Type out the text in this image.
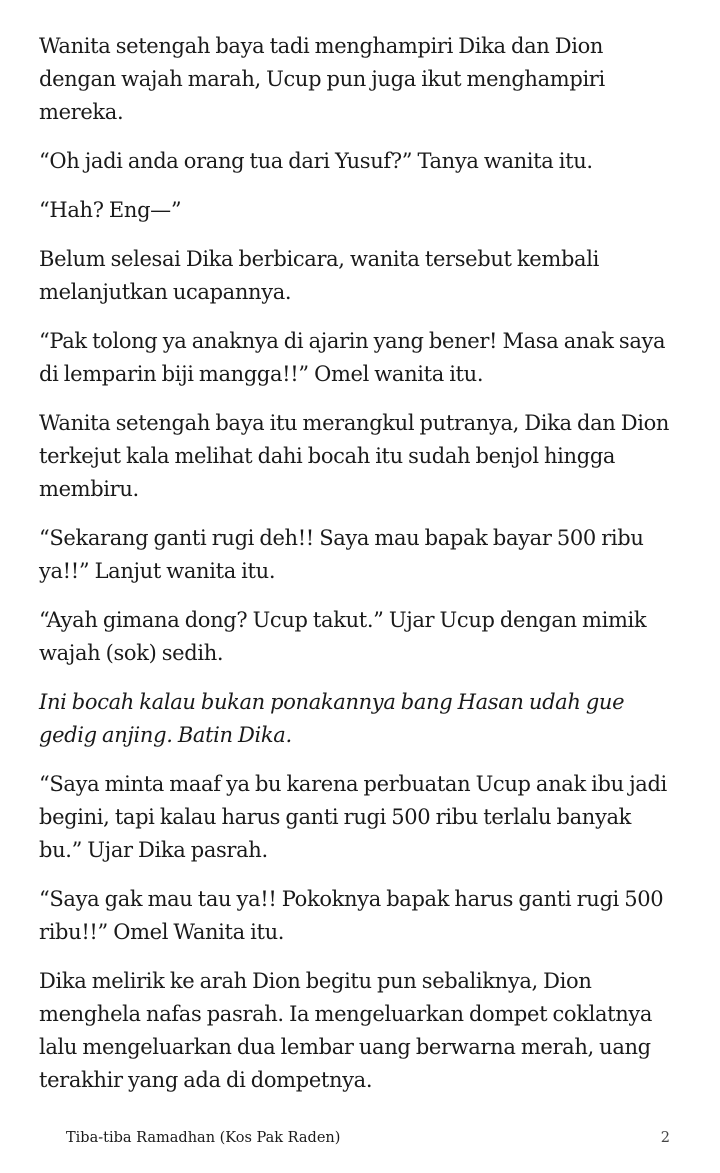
Wanita setengah baya tadi menghampiri Dika dan Dion dengan wajah marah, Ucup pun juga ikut menghampiri mereka.

“Oh jadi anda orang tua dari Yusuf?” Tanya wanita itu.

“Hah? Eng—”

Belum selesai Dika berbicara, wanita tersebut kembali melanjutkan ucapannya.

“Pak tolong ya anaknya di ajarin yang bener! Masa anak saya di lemparin biji mangga!!” Omel wanita itu.

Wanita setengah baya itu merangkul putranya, Dika dan Dion terkejut kala melihat dahi bocah itu sudah benjol hingga membiru.

“Sekarang ganti rugi deh!! Saya mau bapak bayar 500 ribu ya!!” Lanjut wanita itu.

“Ayah gimana dong? Ucup takut.” Ujar Ucup dengan mimik wajah (sok) sedih.

Ini bocah kalau bukan ponakannya bang Hasan udah gue gedig anjing. Batin Dika.

“Saya minta maaf ya bu karena perbuatan Ucup anak ibu jadi begini, tapi kalau harus ganti rugi 500 ribu terlalu banyak bu.” Ujar Dika pasrah.

“Saya gak mau tau ya!! Pokoknya bapak harus ganti rugi 500 ribu!!” Omel Wanita itu.

Dika melirik ke arah Dion begitu pun sebaliknya, Dion menghela nafas pasrah. Ia mengeluarkan dompet coklatnya lalu mengeluarkan dua lembar uang berwarna merah, uang terakhir yang ada di dompetnya.

Tiba-tiba Ramadhan (Kos Pak Raden)	2
